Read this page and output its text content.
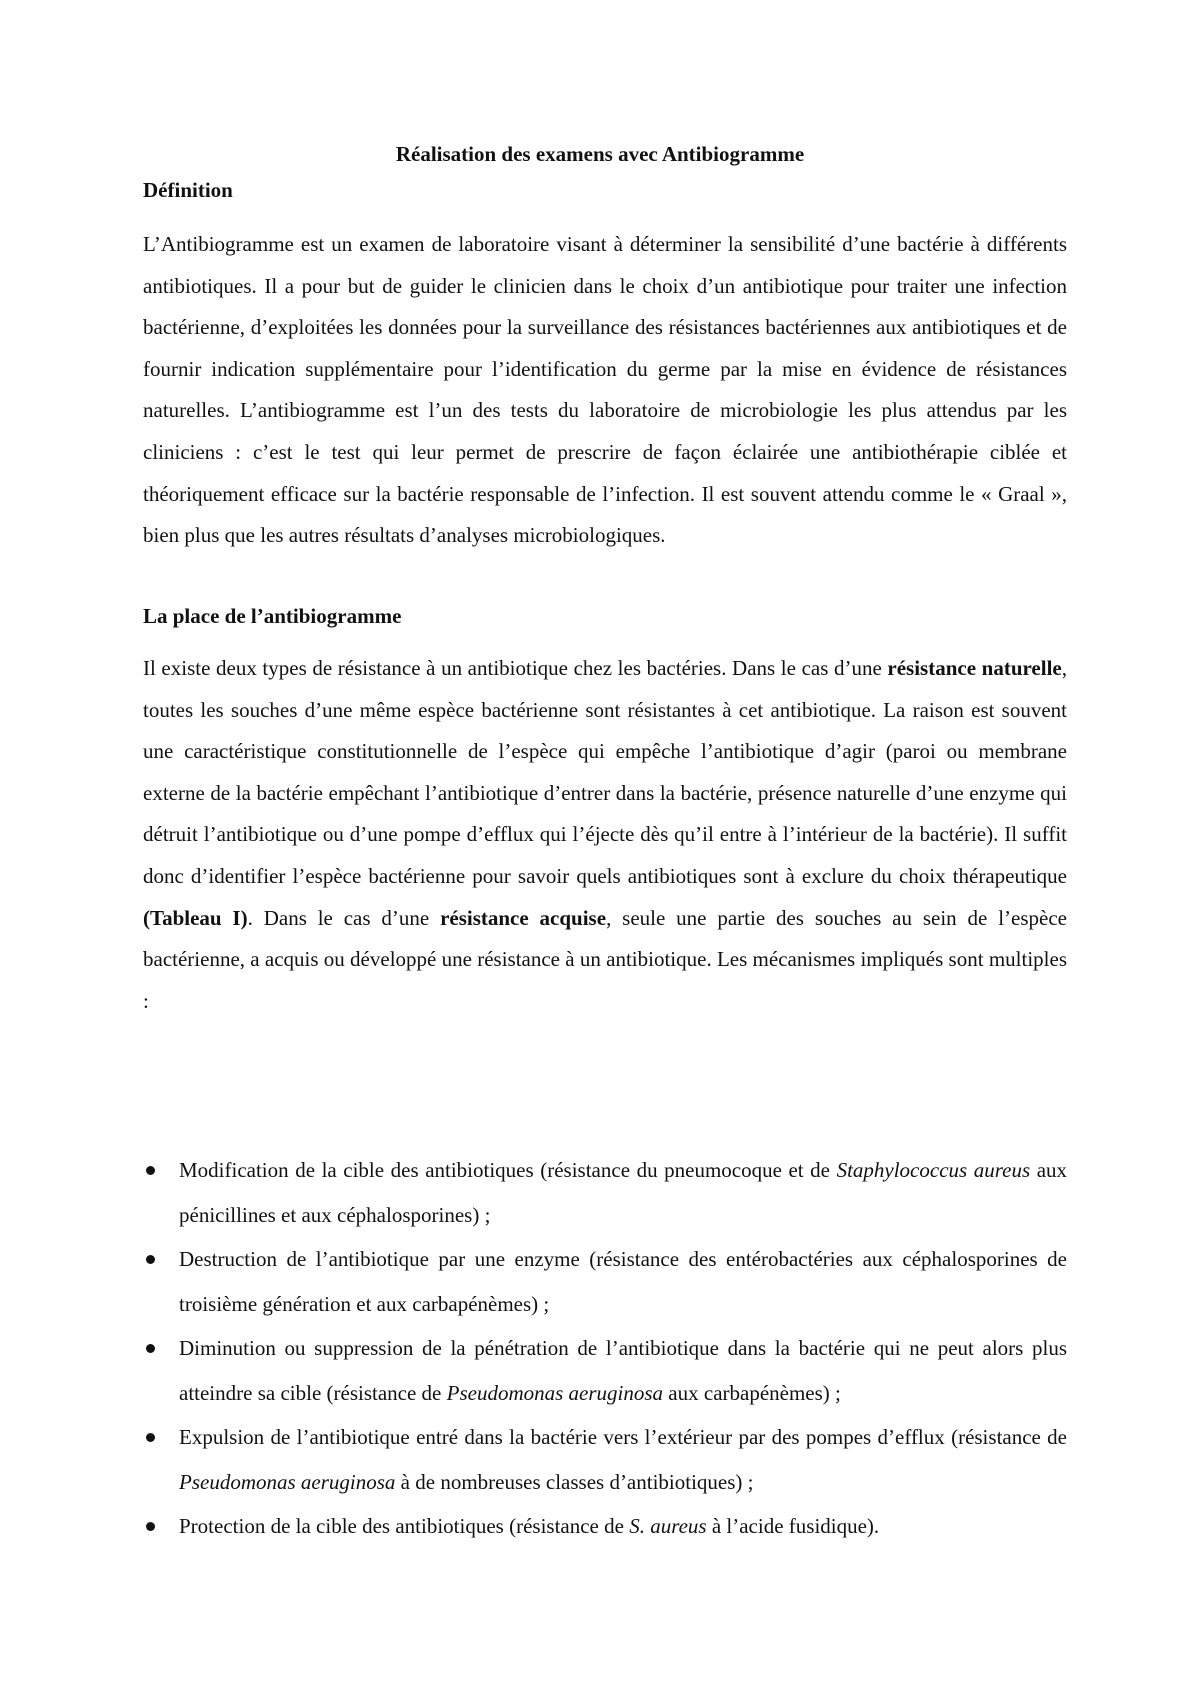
Réalisation des examens avec Antibiogramme
Définition

L’Antibiogramme est un examen de laboratoire visant à déterminer la sensibilité d’une bactérie à différents antibiotiques. Il a pour but de guider le clinicien dans le choix d’un antibiotique pour traiter une infection bactérienne, d’exploitées les données pour la surveillance des résistances bactériennes aux antibiotiques et de fournir indication supplémentaire pour l’identification du germe par la mise en évidence de résistances naturelles. L’antibiogramme est l’un des tests du laboratoire de microbiologie les plus attendus par les cliniciens : c’est le test qui leur permet de prescrire de façon éclairée une antibiothérapie ciblée et théoriquement efficace sur la bactérie responsable de l’infection. Il est souvent attendu comme le « Graal », bien plus que les autres résultats d’analyses microbiologiques.

La place de l’antibiogramme

Il existe deux types de résistance à un antibiotique chez les bactéries. Dans le cas d’une résistance naturelle, toutes les souches d’une même espèce bactérienne sont résistantes à cet antibiotique. La raison est souvent une caractéristique constitutionnelle de l’espèce qui empêche l’antibiotique d’agir (paroi ou membrane externe de la bactérie empêchant l’antibiotique d’entrer dans la bactérie, présence naturelle d’une enzyme qui détruit l’antibiotique ou d’une pompe d’efflux qui l’éjecte dès qu’il entre à l’intérieur de la bactérie). Il suffit donc d’identifier l’espèce bactérienne pour savoir quels antibiotiques sont à exclure du choix thérapeutique (Tableau I). Dans le cas d’une résistance acquise, seule une partie des souches au sein de l’espèce bactérienne, a acquis ou développé une résistance à un antibiotique. Les mécanismes impliqués sont multiples :

Modification de la cible des antibiotiques (résistance du pneumocoque et de Staphylococcus aureus aux pénicillines et aux céphalosporines) ;
Destruction de l’antibiotique par une enzyme (résistance des entérobactéries aux céphalosporines de troisième génération et aux carbapénèmes) ;
Diminution ou suppression de la pénétration de l’antibiotique dans la bactérie qui ne peut alors plus atteindre sa cible (résistance de Pseudomonas aeruginosa aux carbapénèmes) ;
Expulsion de l’antibiotique entré dans la bactérie vers l’extérieur par des pompes d’efflux (résistance de Pseudomonas aeruginosa à de nombreuses classes d’antibiotiques) ;
Protection de la cible des antibiotiques (résistance de S. aureus à l’acide fusidique).
